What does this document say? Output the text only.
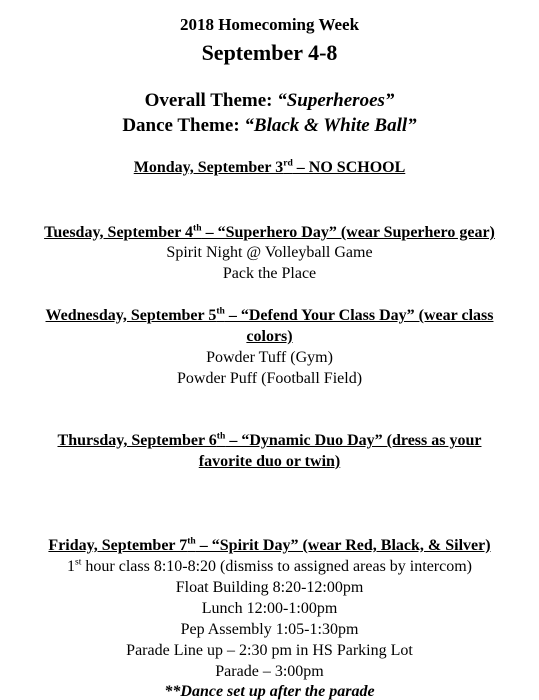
2018 Homecoming Week
September 4-8
Overall Theme: “Superheroes”
Dance Theme: “Black & White Ball”
Monday, September 3rd – NO SCHOOL
Tuesday, September 4th – “Superhero Day” (wear Superhero gear)
Spirit Night @ Volleyball Game
Pack the Place
Wednesday, September 5th – “Defend Your Class Day” (wear class
colors)
Powder Tuff (Gym)
Powder Puff (Football Field)
Thursday, September 6th – “Dynamic Duo Day” (dress as your
favorite duo or twin)
Friday, September 7th – “Spirit Day” (wear Red, Black, & Silver)
1st hour class 8:10-8:20 (dismiss to assigned areas by intercom)
Float Building 8:20-12:00pm
Lunch 12:00-1:00pm
Pep Assembly 1:05-1:30pm
Parade Line up – 2:30 pm in HS Parking Lot
Parade – 3:00pm
**Dance set up after the parade
